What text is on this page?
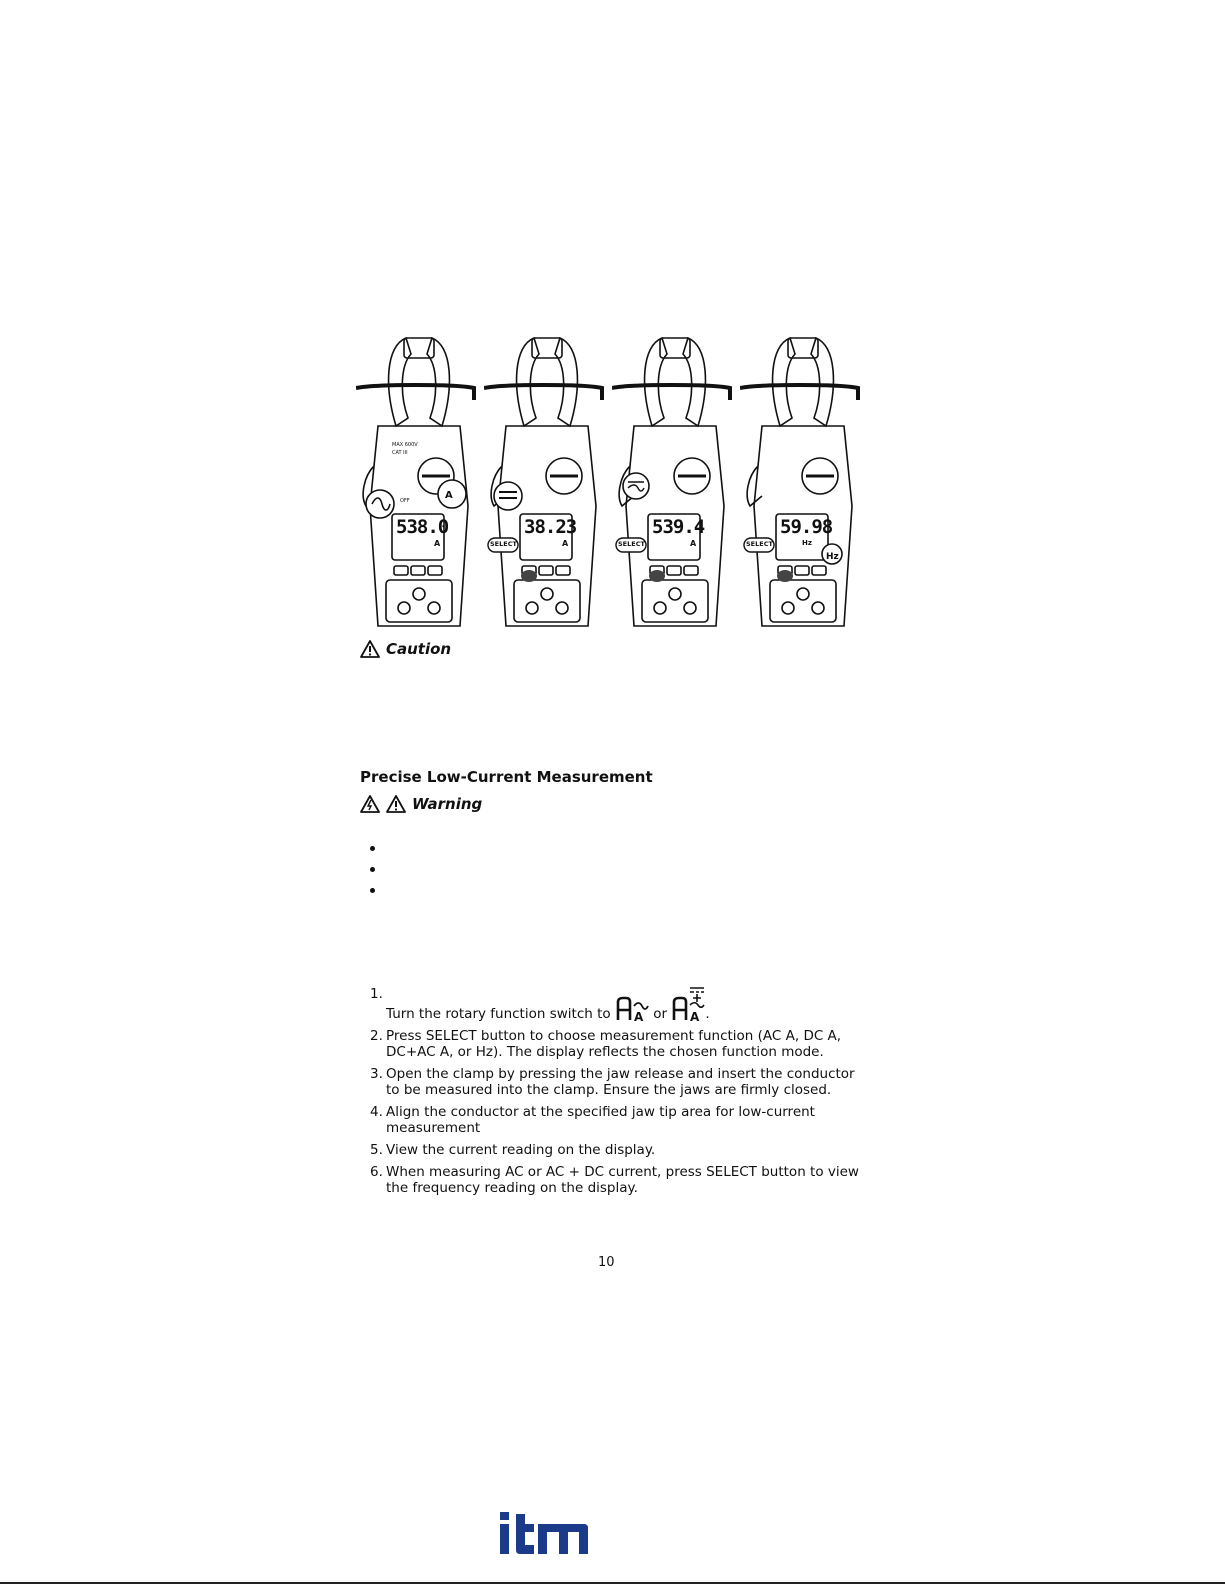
MAX 600V
CAT III
OFF	A
538.0
A
38.23
A
SELECT
539.4
A
SELECT
59.98
Hz
SELECT
Hz
Caution
Precise Low-Current Measurement
Warning
1.
Turn the rotary function switch to A or A .
2. Press SELECT button to choose measurement function (AC A, DC A, DC+AC A, or Hz). The display reflects the chosen function mode.
3. Open the clamp by pressing the jaw release and insert the conductor to be measured into the clamp. Ensure the jaws are firmly closed.
4. Align the conductor at the specified jaw tip area for low-current measurement
5. View the current reading on the display.
6. When measuring AC or AC + DC current, press SELECT button to view the frequency reading on the display.
10
